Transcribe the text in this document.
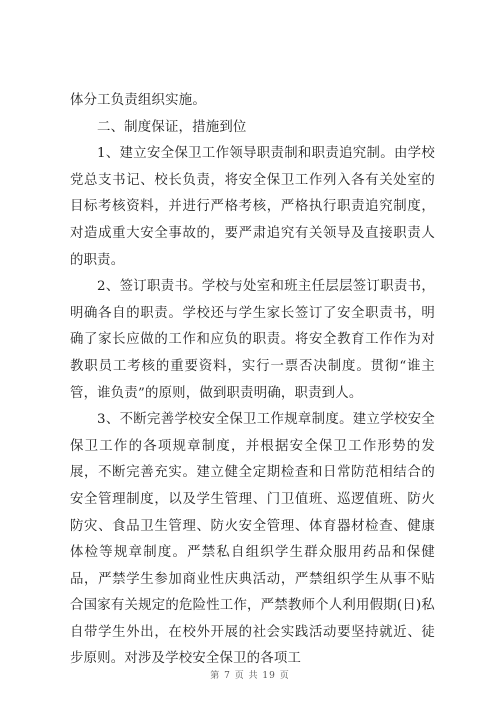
体分工负责组织实施。

二、制度保证，措施到位

1、建立安全保卫工作领导职责制和职责追究制。由学校党总支书记、校长负责，将安全保卫工作列入各有关处室的目标考核资料，并进行严格考核，严格执行职责追究制度，对造成重大安全事故的，要严肃追究有关领导及直接职责人的职责。

2、签订职责书。学校与处室和班主任层层签订职责书，明确各自的职责。学校还与学生家长签订了安全职责书，明确了家长应做的工作和应负的职责。将安全教育工作作为对教职员工考核的重要资料，实行一票否决制度。贯彻“谁主管，谁负责”的原则，做到职责明确，职责到人。

3、不断完善学校安全保卫工作规章制度。建立学校安全保卫工作的各项规章制度，并根据安全保卫工作形势的发展，不断完善充实。建立健全定期检查和日常防范相结合的安全管理制度，以及学生管理、门卫值班、巡逻值班、防火防灾、食品卫生管理、防火安全管理、体育器材检查、健康体检等规章制度。严禁私自组织学生群众服用药品和保健品，严禁学生参加商业性庆典活动，严禁组织学生从事不贴合国家有关规定的危险性工作，严禁教师个人利用假期(日)私自带学生外出，在校外开展的社会实践活动要坚持就近、徒步原则。对涉及学校安全保卫的各项工

第 7 页 共 19 页
